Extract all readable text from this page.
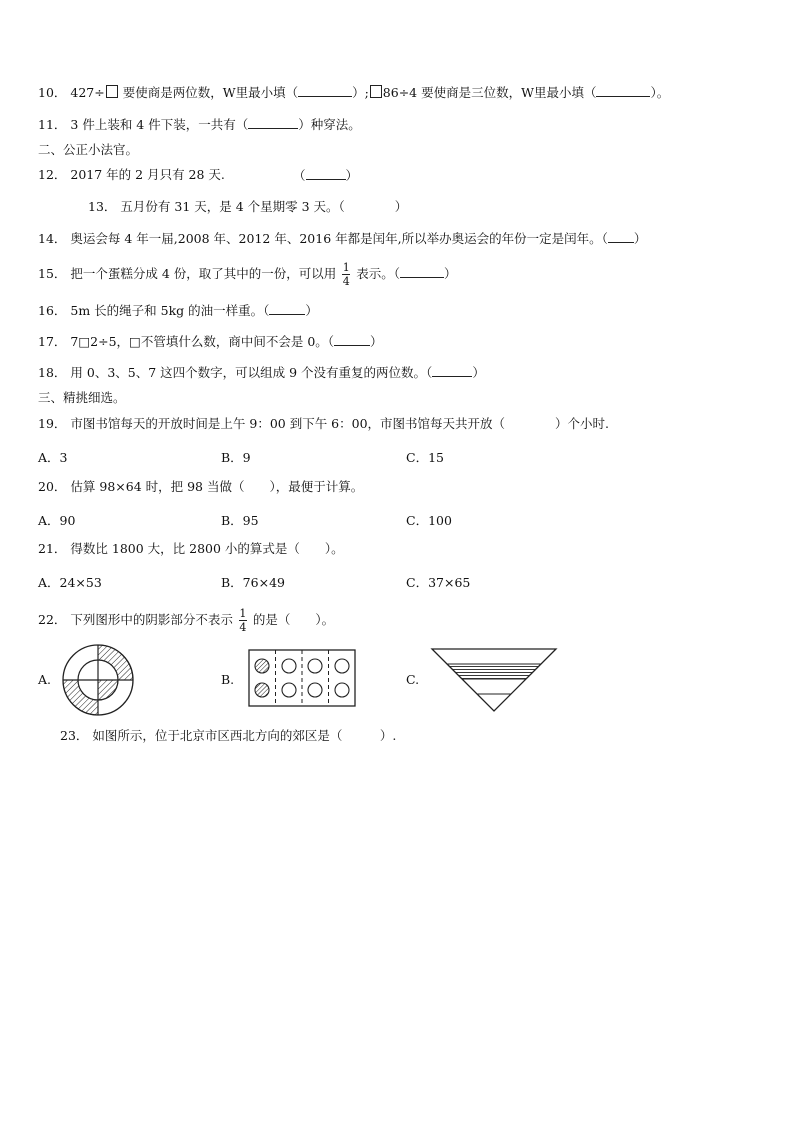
10． 427÷ 要使商是两位数，W里最小填（	）; 86÷4 要使商是三位数，W里最小填（	）。
11． 3 件上装和 4 件下装，一共有（	）种穿法。
二、公正小法官。
12． 2017 年的 2 月只有 28 天.	（	）
13． 五月份有 31 天，是 4 个星期零 3 天。（	）
14． 奥运会每 4 年一届,2008 年、2012 年、2016 年都是闰年,所以举办奥运会的年份一定是闰年。（ ）
15． 把一个蛋糕分成 4 份，取了其中的一份，可以用 $\frac{1}{4}$ 表示。（	）
16． 5m 长的绳子和 5kg 的油一样重。（	）
17． 7□2÷5，□不管填什么数，商中间不会是 0。（	）
18． 用 0、3、5、7 这四个数字，可以组成 9 个没有重复的两位数。（	）
三、精挑细选。
19． 市图书馆每天的开放时间是上午 9：00 到下午 6：00，市图书馆每天共开放（	）个小时.
A．3	B．9	C．15
20． 估算 98×64 时，把 98 当做（　　），最便于计算。
A．90	B．95	C．100
21． 得数比 1800 大，比 2800 小的算式是（　　）。
A．24×53	B．76×49	C．37×65
22． 下列图形中的阴影部分不表示 $\frac{1}{4}$ 的是（　　）。
A.	B.	C.
23． 如图所示，位于北京市区西北方向的郊区是（　　　）.
